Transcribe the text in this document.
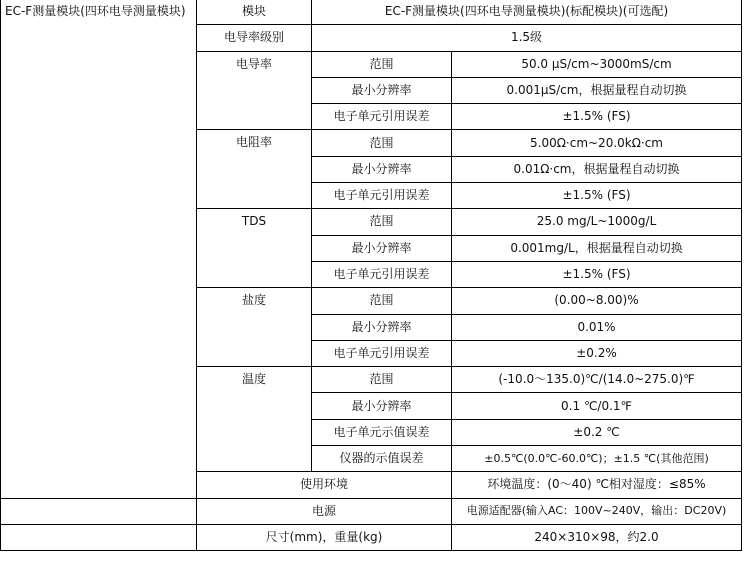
EC-F测量模块(四环电导测量模块)	模块	EC-F测量模块(四环电导测量模块)(标配模块)(可选配)	
	电导率级别	1.5级	
	电导率	范围	50.0 μS/cm~3000mS/cm
		最小分辨率	0.001μS/cm，根据量程自动切换
		电子单元引用误差	±1.5% (FS)
	电阻率	范围	5.00Ω·cm~20.0kΩ·cm
		最小分辨率	0.01Ω·cm，根据量程自动切换
		电子单元引用误差	±1.5% (FS)
	TDS	范围	25.0 mg/L~1000g/L
		最小分辨率	0.001mg/L，根据量程自动切换
		电子单元引用误差	±1.5% (FS)
	盐度	范围	(0.00~8.00)%
		最小分辨率	0.01%
		电子单元引用误差	±0.2%
	温度	范围	(-10.0～135.0)℃/(14.0~275.0)℉
		最小分辨率	0.1 ℃/0.1℉
		电子单元示值误差	±0.2 ℃
		仪器的示值误差	±0.5℃(0.0℃-60.0℃)；±1.5 ℃(其他范围)
	使用环境		环境温度：(0～40) ℃相对湿度：≤85%
	电源		电源适配器(输入AC：100V~240V，输出：DC20V)
	尺寸(mm)，重量(kg)		240×310×98，约2.0
